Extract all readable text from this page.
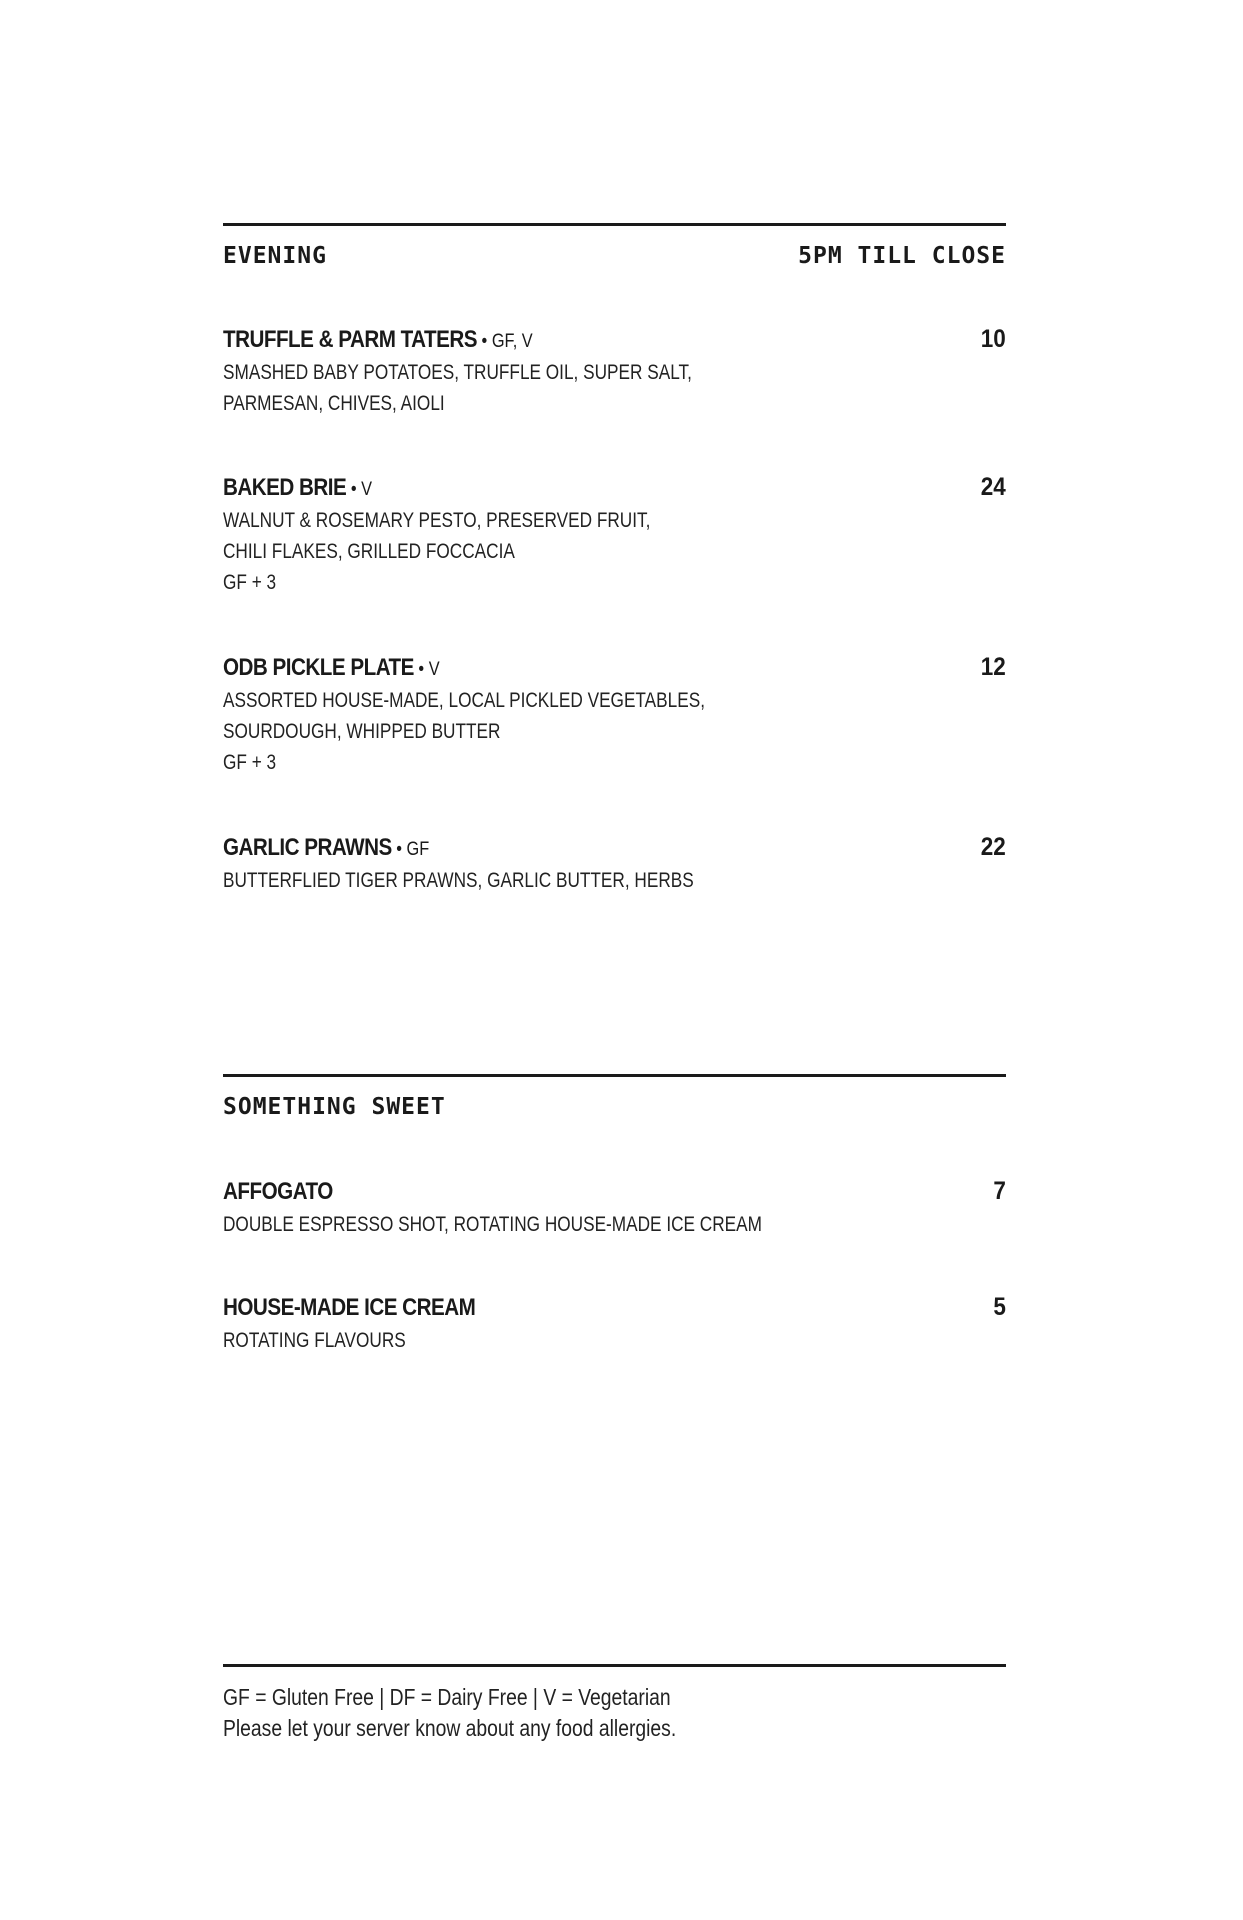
EVENING	5PM TILL CLOSE
TRUFFLE & PARM TATERS • GF, V	10
SMASHED BABY POTATOES, TRUFFLE OIL, SUPER SALT,
PARMESAN, CHIVES, AIOLI
BAKED BRIE • V	24
WALNUT & ROSEMARY PESTO, PRESERVED FRUIT,
CHILI FLAKES, GRILLED FOCCACIA
GF + 3
ODB PICKLE PLATE • V	12
ASSORTED HOUSE-MADE, LOCAL PICKLED VEGETABLES,
SOURDOUGH, WHIPPED BUTTER
GF + 3
GARLIC PRAWNS • GF	22
BUTTERFLIED TIGER PRAWNS, GARLIC BUTTER, HERBS
SOMETHING SWEET
AFFOGATO	7
DOUBLE ESPRESSO SHOT, ROTATING HOUSE-MADE ICE CREAM
HOUSE-MADE ICE CREAM	5
ROTATING FLAVOURS
GF = Gluten Free | DF = Dairy Free | V = Vegetarian
Please let your server know about any food allergies.
